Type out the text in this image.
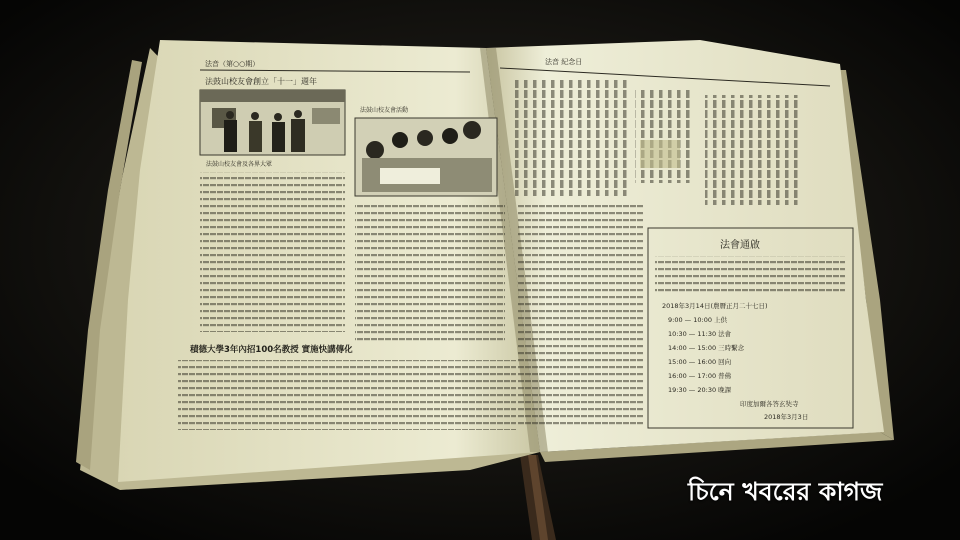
法音（第○○期）
法鼓山校友會創立「十一」週年
法鼓山校友會及各界大眾
法鼓山校友會活動
積德大學3年內招100名教授 實施快講傳化
法音 紀念日
法會通啟
2018年3月14日(農曆正月二十七日)
9:00 — 10:00 上供
10:30 — 11:30 法會
14:00 — 15:00 三時繫念
15:00 — 16:00 回向
16:00 — 17:00 普佛
19:30 — 20:30 晚課
印度加爾各答玄奘寺
2018年3月3日
চিনে খবরের কাগজ
